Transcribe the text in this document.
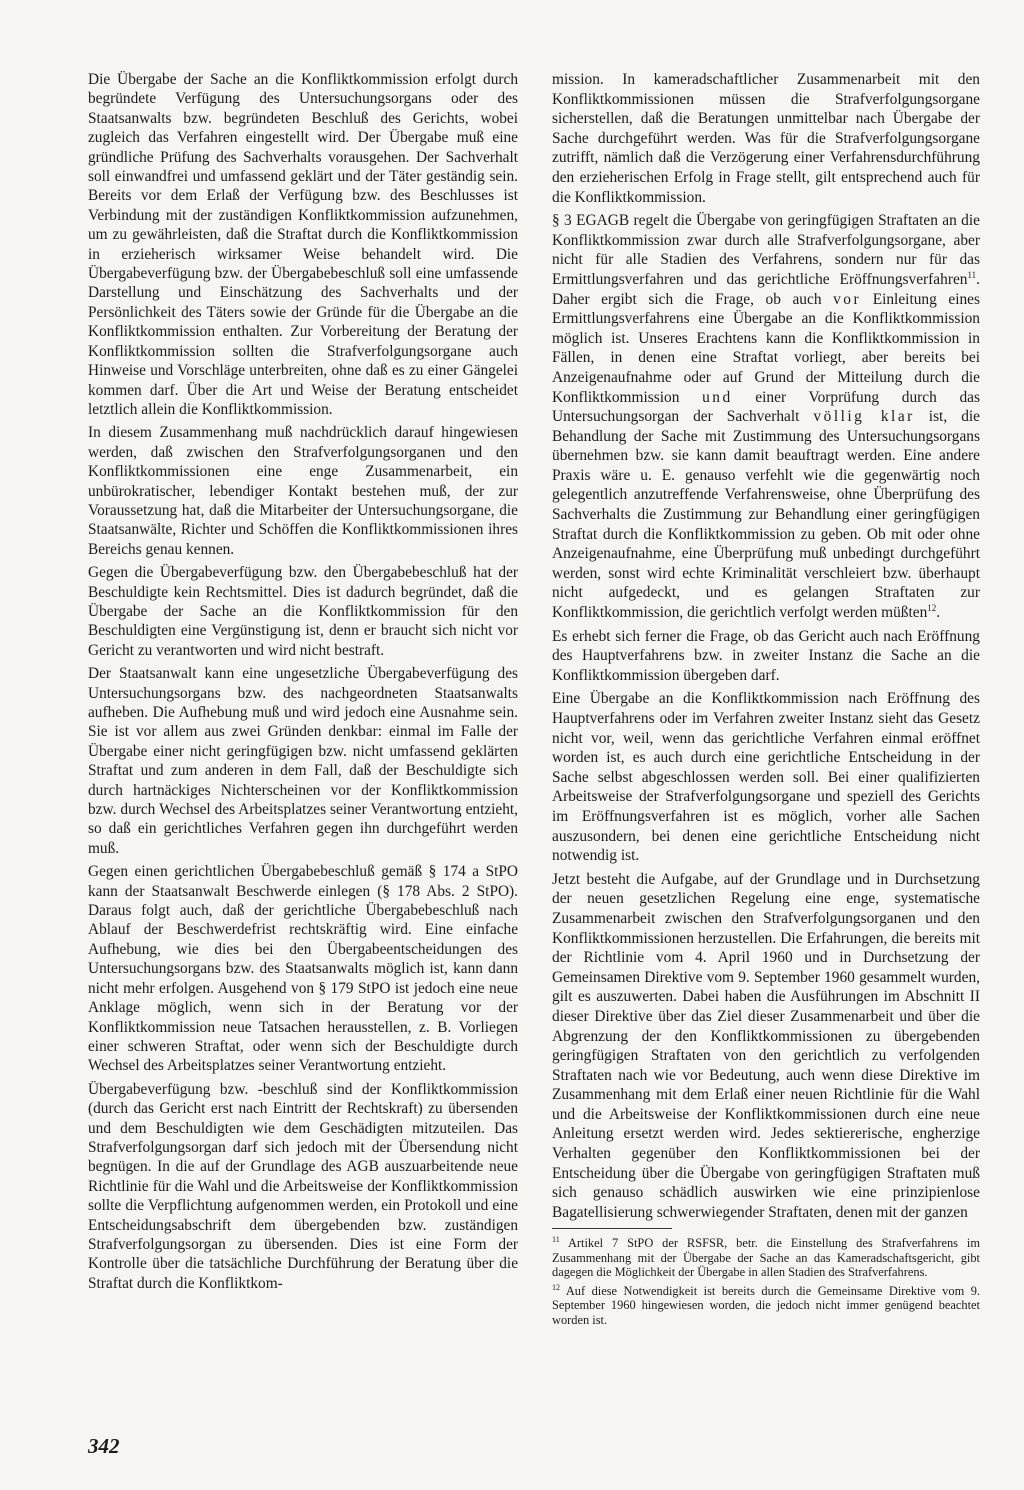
Die Übergabe der Sache an die Konfliktkommission erfolgt durch begründete Verfügung des Untersuchungsorgans oder des Staatsanwalts bzw. begründeten Beschluß des Gerichts, wobei zugleich das Verfahren eingestellt wird. Der Übergabe muß eine gründliche Prüfung des Sachverhalts vorausgehen. Der Sachverhalt soll einwandfrei und umfassend geklärt und der Täter geständig sein. Bereits vor dem Erlaß der Verfügung bzw. des Beschlusses ist Verbindung mit der zuständigen Konfliktkommission aufzunehmen, um zu gewährleisten, daß die Straftat durch die Konfliktkommission in erzieherisch wirksamer Weise behandelt wird. Die Übergabeverfügung bzw. der Übergabebeschluß soll eine umfassende Darstellung und Einschätzung des Sachverhalts und der Persönlichkeit des Täters sowie der Gründe für die Übergabe an die Konfliktkommission enthalten. Zur Vorbereitung der Beratung der Konfliktkommission sollten die Strafverfolgungsorgane auch Hinweise und Vorschläge unterbreiten, ohne daß es zu einer Gängelei kommen darf. Über die Art und Weise der Beratung entscheidet letztlich allein die Konfliktkommission.

In diesem Zusammenhang muß nachdrücklich darauf hingewiesen werden, daß zwischen den Strafverfolgungsorganen und den Konfliktkommissionen eine enge Zusammenarbeit, ein unbürokratischer, lebendiger Kontakt bestehen muß, der zur Voraussetzung hat, daß die Mitarbeiter der Untersuchungsorgane, die Staatsanwälte, Richter und Schöffen die Konfliktkommissionen ihres Bereichs genau kennen.

Gegen die Übergabeverfügung bzw. den Übergabebeschluß hat der Beschuldigte kein Rechtsmittel. Dies ist dadurch begründet, daß die Übergabe der Sache an die Konfliktkommission für den Beschuldigten eine Vergünstigung ist, denn er braucht sich nicht vor Gericht zu verantworten und wird nicht bestraft.

Der Staatsanwalt kann eine ungesetzliche Übergabeverfügung des Untersuchungsorgans bzw. des nachgeordneten Staatsanwalts aufheben. Die Aufhebung muß und wird jedoch eine Ausnahme sein. Sie ist vor allem aus zwei Gründen denkbar: einmal im Falle der Übergabe einer nicht geringfügigen bzw. nicht umfassend geklärten Straftat und zum anderen in dem Fall, daß der Beschuldigte sich durch hartnäckiges Nichterscheinen vor der Konfliktkommission bzw. durch Wechsel des Arbeitsplatzes seiner Verantwortung entzieht, so daß ein gerichtliches Verfahren gegen ihn durchgeführt werden muß.

Gegen einen gerichtlichen Übergabebeschluß gemäß § 174 a StPO kann der Staatsanwalt Beschwerde einlegen (§ 178 Abs. 2 StPO). Daraus folgt auch, daß der gerichtliche Übergabebeschluß nach Ablauf der Beschwerdefrist rechtskräftig wird. Eine einfache Aufhebung, wie dies bei den Übergabeentscheidungen des Untersuchungsorgans bzw. des Staatsanwalts möglich ist, kann dann nicht mehr erfolgen. Ausgehend von § 179 StPO ist jedoch eine neue Anklage möglich, wenn sich in der Beratung vor der Konfliktkommission neue Tatsachen herausstellen, z. B. Vorliegen einer schweren Straftat, oder wenn sich der Beschuldigte durch Wechsel des Arbeitsplatzes seiner Verantwortung entzieht.

Übergabeverfügung bzw. -beschluß sind der Konfliktkommission (durch das Gericht erst nach Eintritt der Rechtskraft) zu übersenden und dem Beschuldigten wie dem Geschädigten mitzuteilen. Das Strafverfolgungsorgan darf sich jedoch mit der Übersendung nicht begnügen. In die auf der Grundlage des AGB auszuarbeitende neue Richtlinie für die Wahl und die Arbeitsweise der Konfliktkommission sollte die Verpflichtung aufgenommen werden, ein Protokoll und eine Entscheidungsabschrift dem übergebenden bzw. zuständigen Strafverfolgungsorgan zu übersenden. Dies ist eine Form der Kontrolle über die tatsächliche Durchführung der Beratung über die Straftat durch die Konfliktkom-

mission. In kameradschaftlicher Zusammenarbeit mit den Konfliktkommissionen müssen die Strafverfolgungsorgane sicherstellen, daß die Beratungen unmittelbar nach Übergabe der Sache durchgeführt werden. Was für die Strafverfolgungsorgane zutrifft, nämlich daß die Verzögerung einer Verfahrensdurchführung den erzieherischen Erfolg in Frage stellt, gilt entsprechend auch für die Konfliktkommission.

§ 3 EGAGB regelt die Übergabe von geringfügigen Straftaten an die Konfliktkommission zwar durch alle Strafverfolgungsorgane, aber nicht für alle Stadien des Verfahrens, sondern nur für das Ermittlungsverfahren und das gerichtliche Eröffnungsverfahren$^{11}$. Daher ergibt sich die Frage, ob auch vor Einleitung eines Ermittlungsverfahrens eine Übergabe an die Konfliktkommission möglich ist. Unseres Erachtens kann die Konfliktkommission in Fällen, in denen eine Straftat vorliegt, aber bereits bei Anzeigenaufnahme oder auf Grund der Mitteilung durch die Konfliktkommission und einer Vorprüfung durch das Untersuchungsorgan der Sachverhalt völlig klar ist, die Behandlung der Sache mit Zustimmung des Untersuchungsorgans übernehmen bzw. sie kann damit beauftragt werden. Eine andere Praxis wäre u. E. genauso verfehlt wie die gegenwärtig noch gelegentlich anzutreffende Verfahrensweise, ohne Überprüfung des Sachverhalts die Zustimmung zur Behandlung einer geringfügigen Straftat durch die Konfliktkommission zu geben. Ob mit oder ohne Anzeigenaufnahme, eine Überprüfung muß unbedingt durchgeführt werden, sonst wird echte Kriminalität verschleiert bzw. überhaupt nicht aufgedeckt, und es gelangen Straftaten zur Konfliktkommission, die gerichtlich verfolgt werden müßten$^{12}$.

Es erhebt sich ferner die Frage, ob das Gericht auch nach Eröffnung des Hauptverfahrens bzw. in zweiter Instanz die Sache an die Konfliktkommission übergeben darf.

Eine Übergabe an die Konfliktkommission nach Eröffnung des Hauptverfahrens oder im Verfahren zweiter Instanz sieht das Gesetz nicht vor, weil, wenn das gerichtliche Verfahren einmal eröffnet worden ist, es auch durch eine gerichtliche Entscheidung in der Sache selbst abgeschlossen werden soll. Bei einer qualifizierten Arbeitsweise der Strafverfolgungsorgane und speziell des Gerichts im Eröffnungsverfahren ist es möglich, vorher alle Sachen auszusondern, bei denen eine gerichtliche Entscheidung nicht notwendig ist.

Jetzt besteht die Aufgabe, auf der Grundlage und in Durchsetzung der neuen gesetzlichen Regelung eine enge, systematische Zusammenarbeit zwischen den Strafverfolgungsorganen und den Konfliktkommissionen herzustellen. Die Erfahrungen, die bereits mit der Richtlinie vom 4. April 1960 und in Durchsetzung der Gemeinsamen Direktive vom 9. September 1960 gesammelt wurden, gilt es auszuwerten. Dabei haben die Ausführungen im Abschnitt II dieser Direktive über das Ziel dieser Zusammenarbeit und über die Abgrenzung der den Konfliktkommissionen zu übergebenden geringfügigen Straftaten von den gerichtlich zu verfolgenden Straftaten nach wie vor Bedeutung, auch wenn diese Direktive im Zusammenhang mit dem Erlaß einer neuen Richtlinie für die Wahl und die Arbeitsweise der Konfliktkommissionen durch eine neue Anleitung ersetzt werden wird. Jedes sektiererische, engherzige Verhalten gegenüber den Konfliktkommissionen bei der Entscheidung über die Übergabe von geringfügigen Straftaten muß sich genauso schädlich auswirken wie eine prinzipienlose Bagatellisierung schwerwiegender Straftaten, denen mit der ganzen

$^{11}$ Artikel 7 StPO der RSFSR, betr. die Einstellung des Strafverfahrens im Zusammenhang mit der Übergabe der Sache an das Kameradschaftsgericht, gibt dagegen die Möglichkeit der Übergabe in allen Stadien des Strafverfahrens.

$^{12}$ Auf diese Notwendigkeit ist bereits durch die Gemeinsame Direktive vom 9. September 1960 hingewiesen worden, die jedoch nicht immer genügend beachtet worden ist.

342
